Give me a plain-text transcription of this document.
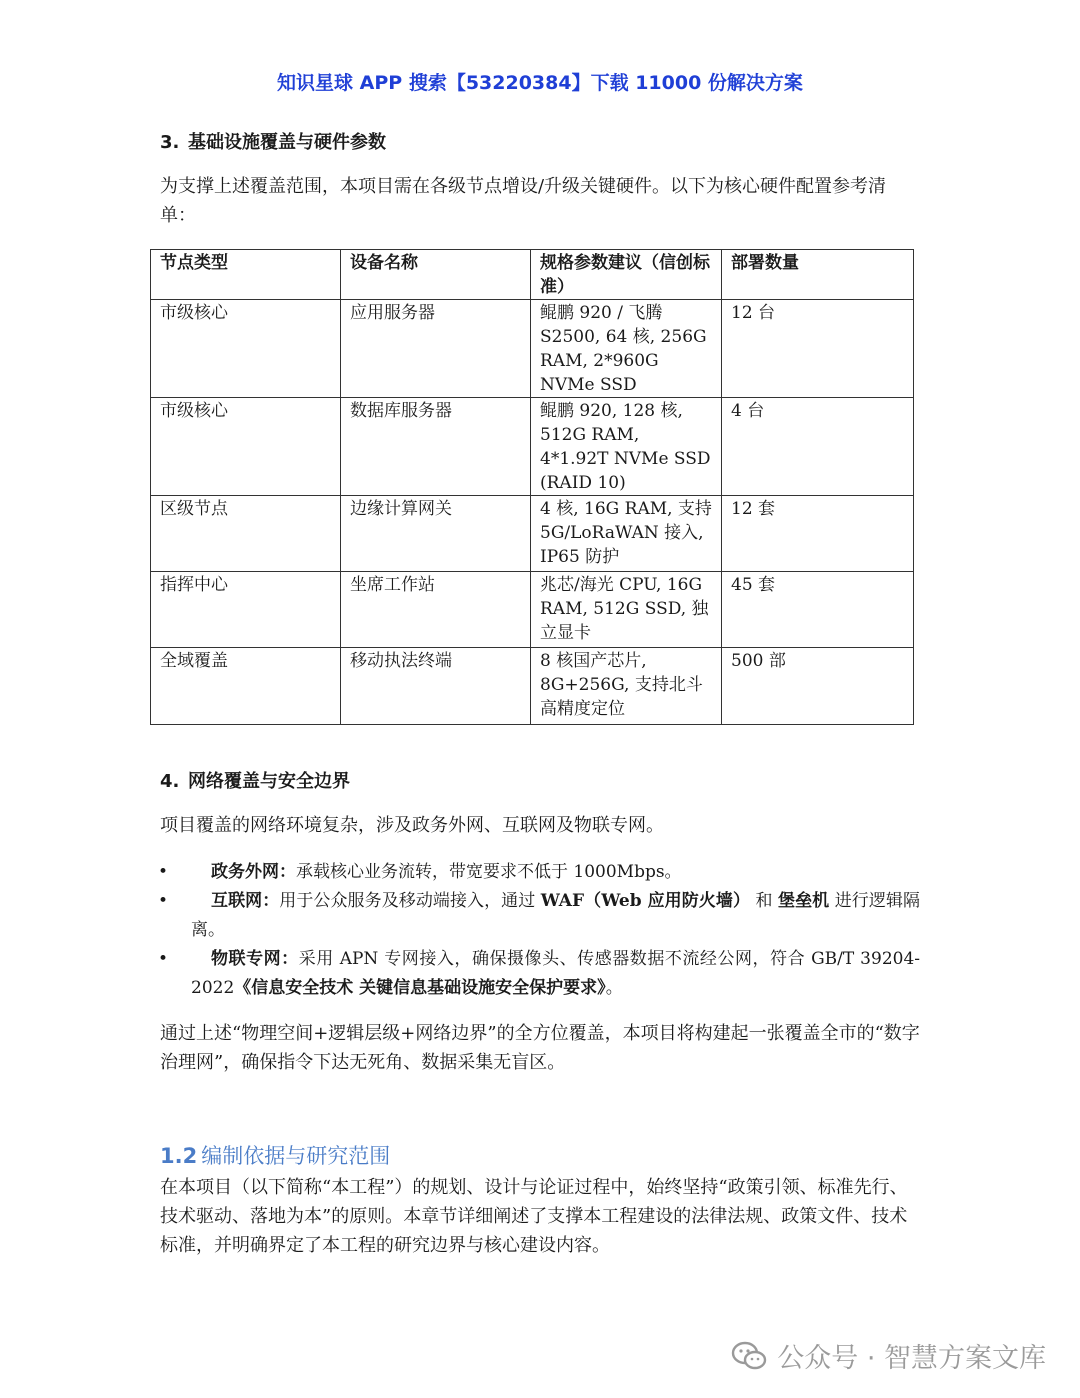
知识星球 APP 搜索【53220384】下载 11000 份解决方案
3. 基础设施覆盖与硬件参数
为支撑上述覆盖范围，本项目需在各级节点增设/升级关键硬件。以下为核心硬件配置参考清单：
节点类型	设备名称	规格参数建议（信创标准）	部署数量
市级核心	应用服务器	鲲鹏 920 / 飞腾 S2500, 64 核, 256G RAM, 2*960G NVMe SSD	12 台
市级核心	数据库服务器	鲲鹏 920, 128 核, 512G RAM, 4*1.92T NVMe SSD (RAID 10)	4 台
区级节点	边缘计算网关	4 核, 16G RAM, 支持 5G/LoRaWAN 接入, IP65 防护	12 套
指挥中心	坐席工作站	兆芯/海光 CPU, 16G RAM, 512G SSD, 独立显卡	45 套
全域覆盖	移动执法终端	8 核国产芯片, 8G+256G, 支持北斗高精度定位	500 部
4. 网络覆盖与安全边界
项目覆盖的网络环境复杂，涉及政务外网、互联网及物联专网。
•	政务外网：承载核心业务流转，带宽要求不低于 1000Mbps。
•	互联网：用于公众服务及移动端接入，通过 WAF（Web 应用防火墙） 和 堡垒机 进行逻辑隔离。
•	物联专网：采用 APN 专网接入，确保摄像头、传感器数据不流经公网，符合 GB/T 39204-2022《信息安全技术 关键信息基础设施安全保护要求》。
通过上述“物理空间+逻辑层级+网络边界”的全方位覆盖，本项目将构建起一张覆盖全市的“数字治理网”，确保指令下达无死角、数据采集无盲区。
1.2 编制依据与研究范围
在本项目（以下简称“本工程”）的规划、设计与论证过程中，始终坚持“政策引领、标准先行、技术驱动、落地为本”的原则。本章节详细阐述了支撑本工程建设的法律法规、政策文件、技术标准，并明确界定了本工程的研究边界与核心建设内容。
公众号 · 智慧方案文库
